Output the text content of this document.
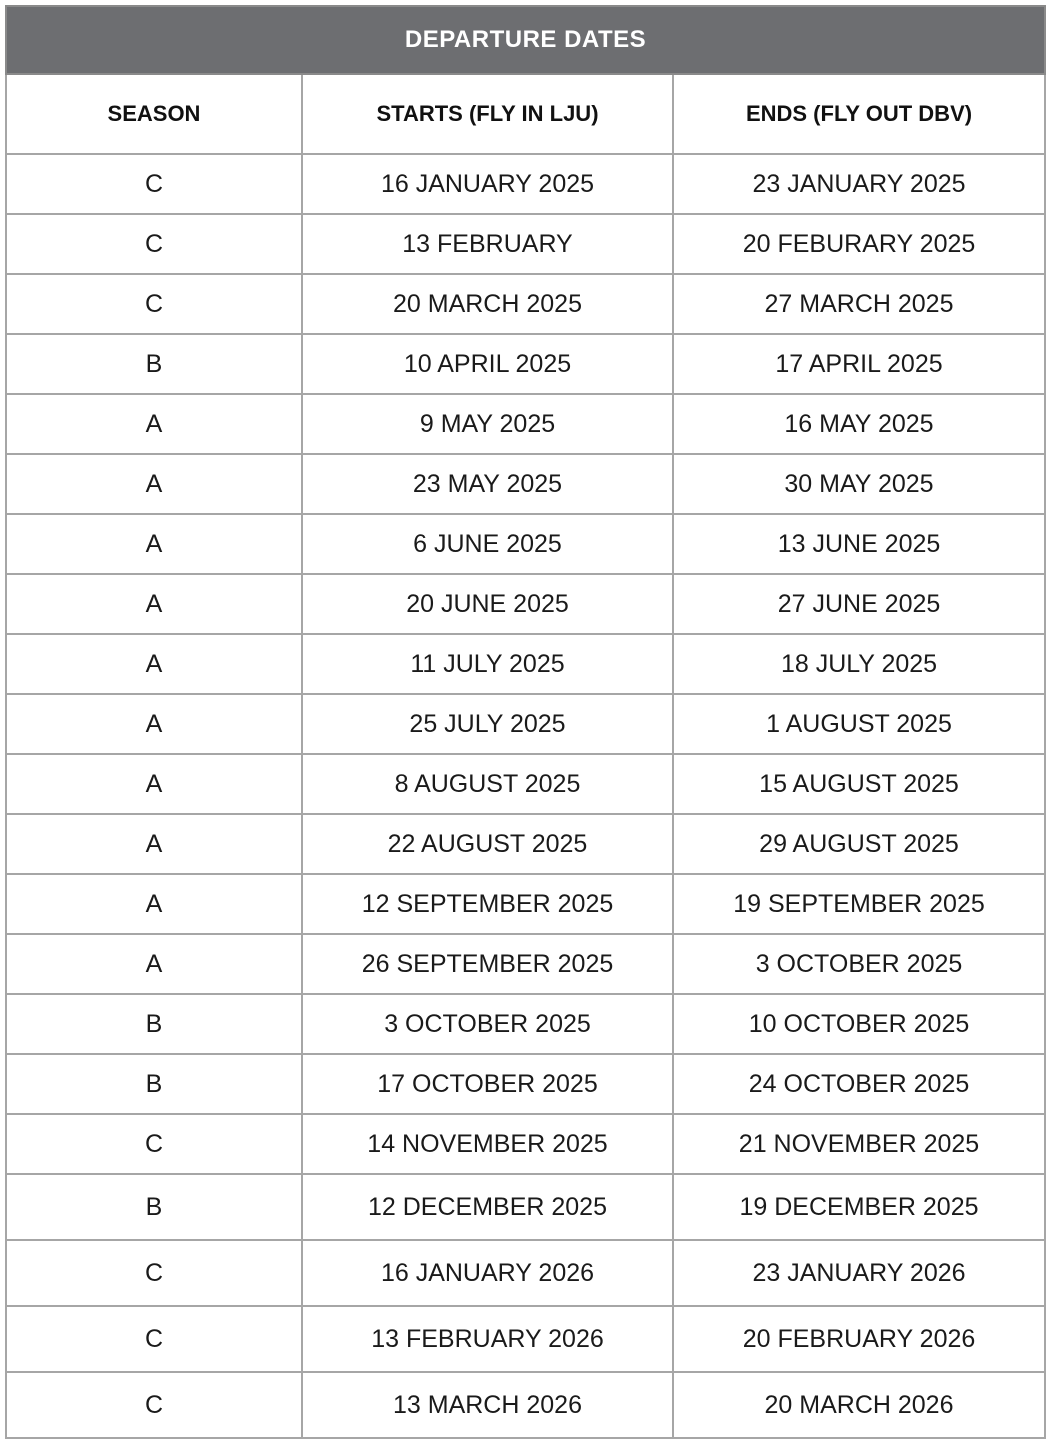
DEPARTURE DATES		
SEASON	STARTS (FLY IN LJU)	ENDS (FLY OUT DBV)
C	16 JANUARY 2025	23 JANUARY 2025
C	13 FEBRUARY	20 FEBURARY 2025
C	20 MARCH 2025	27 MARCH 2025
B	10 APRIL 2025	17 APRIL 2025
A	9 MAY 2025	16 MAY 2025
A	23 MAY 2025	30 MAY 2025
A	6 JUNE 2025	13 JUNE 2025
A	20 JUNE 2025	27 JUNE 2025
A	11 JULY 2025	18 JULY 2025
A	25 JULY 2025	1 AUGUST 2025
A	8 AUGUST 2025	15 AUGUST 2025
A	22 AUGUST 2025	29 AUGUST 2025
A	12 SEPTEMBER 2025	19 SEPTEMBER 2025
A	26 SEPTEMBER 2025	3 OCTOBER 2025
B	3 OCTOBER 2025	10 OCTOBER 2025
B	17 OCTOBER 2025	24 OCTOBER 2025
C	14 NOVEMBER 2025	21 NOVEMBER 2025
B	12 DECEMBER 2025	19 DECEMBER 2025
C	16 JANUARY 2026	23 JANUARY 2026
C	13 FEBRUARY 2026	20 FEBRUARY 2026
C	13 MARCH 2026	20 MARCH 2026
